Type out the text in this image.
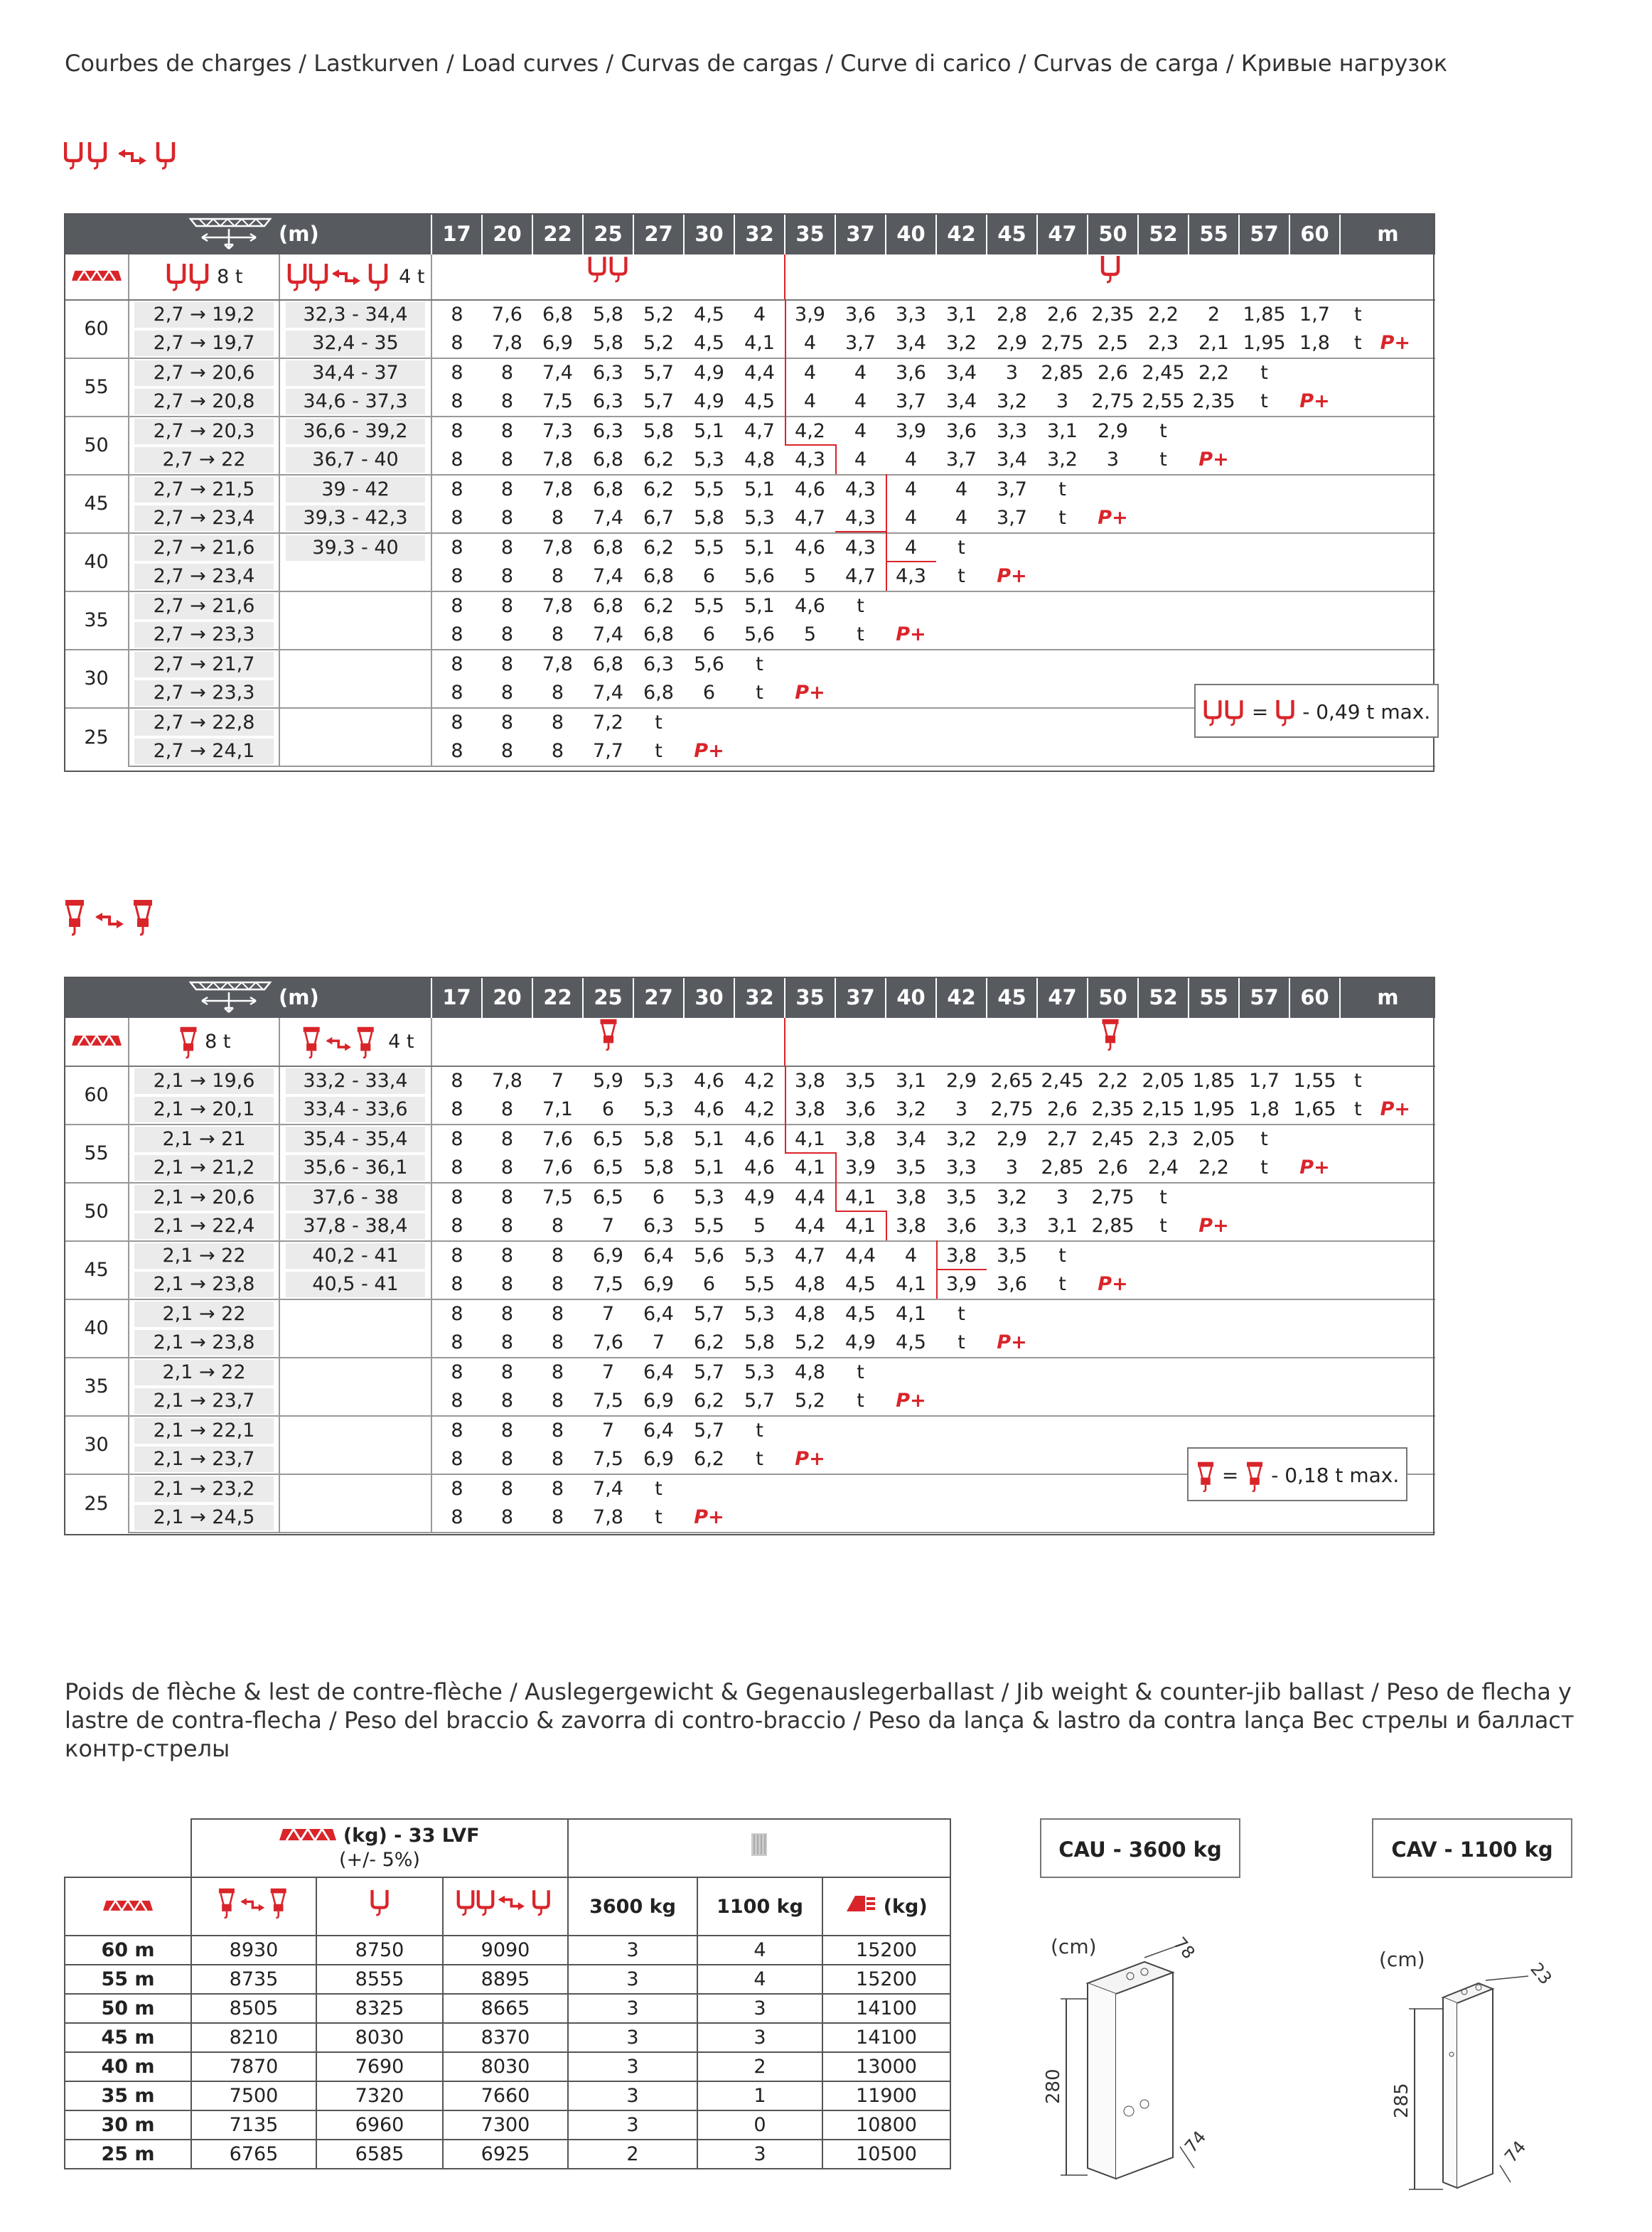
Courbes de charges / Lastkurven / Load curves / Curvas de cargas / Curve di carico / Curvas de carga / Кривые нагрузок
(m)			17	20	22	25	27	30	32	35	37	40	42	45	47	50	52	55	57	60	m
	8 t	4 t		
60	2,7 → 19,2	32,3 - 34,4	8	7,6	6,8	5,8	5,2	4,5	4	3,9	3,6	3,3	3,1	2,8	2,6	2,35	2,2	2	1,85	1,7	t
	2,7 → 19,7	32,4 - 35	8	7,8	6,9	5,8	5,2	4,5	4,1	4	3,7	3,4	3,2	2,9	2,75	2,5	2,3	2,1	1,95	1,8	t P+
55	2,7 → 20,6	34,4 - 37	8	8	7,4	6,3	5,7	4,9	4,4	4	4	3,6	3,4	3	2,85	2,6	2,45	2,2	t		
	2,7 → 20,8	34,6 - 37,3	8	8	7,5	6,3	5,7	4,9	4,5	4	4	3,7	3,4	3,2	3	2,75	2,55	2,35	t	P+	
50	2,7 → 20,3	36,6 - 39,2	8	8	7,3	6,3	5,8	5,1	4,7	4,2	4	3,9	3,6	3,3	3,1	2,9	t				
	2,7 → 22	36,7 - 40	8	8	7,8	6,8	6,2	5,3	4,8	4,3	4	4	3,7	3,4	3,2	3	t	P+			
45	2,7 → 21,5	39 - 42	8	8	7,8	6,8	6,2	5,5	5,1	4,6	4,3	4	4	3,7	t						
	2,7 → 23,4	39,3 - 42,3	8	8	8	7,4	6,7	5,8	5,3	4,7	4,3	4	4	3,7	t	P+					
40	2,7 → 21,6	39,3 - 40	8	8	7,8	6,8	6,2	5,5	5,1	4,6	4,3	4	t								
	2,7 → 23,4		8	8	8	7,4	6,8	6	5,6	5	4,7	4,3	t	P+							
35	2,7 → 21,6		8	8	7,8	6,8	6,2	5,5	5,1	4,6	t										
	2,7 → 23,3		8	8	8	7,4	6,8	6	5,6	5	t	P+									
30	2,7 → 21,7		8	8	7,8	6,8	6,3	5,6	t												
	2,7 → 23,3		8	8	8	7,4	6,8	6	t	P+											
25	2,7 → 22,8		8	8	8	7,2	t														
	2,7 → 24,1		8	8	8	7,7	t	P+													
= - 0,49 t max.
(m)			17	20	22	25	27	30	32	35	37	40	42	45	47	50	52	55	57	60	m
	8 t	4 t		
60	2,1 → 19,6	33,2 - 33,4	8	7,8	7	5,9	5,3	4,6	4,2	3,8	3,5	3,1	2,9	2,65	2,45	2,2	2,05	1,85	1,7	1,55	t
	2,1 → 20,1	33,4 - 33,6	8	8	7,1	6	5,3	4,6	4,2	3,8	3,6	3,2	3	2,75	2,6	2,35	2,15	1,95	1,8	1,65	t P+
55	2,1 → 21	35,4 - 35,4	8	8	7,6	6,5	5,8	5,1	4,6	4,1	3,8	3,4	3,2	2,9	2,7	2,45	2,3	2,05	t		
	2,1 → 21,2	35,6 - 36,1	8	8	7,6	6,5	5,8	5,1	4,6	4,1	3,9	3,5	3,3	3	2,85	2,6	2,4	2,2	t	P+	
50	2,1 → 20,6	37,6 - 38	8	8	7,5	6,5	6	5,3	4,9	4,4	4,1	3,8	3,5	3,2	3	2,75	t				
	2,1 → 22,4	37,8 - 38,4	8	8	8	7	6,3	5,5	5	4,4	4,1	3,8	3,6	3,3	3,1	2,85	t	P+			
45	2,1 → 22	40,2 - 41	8	8	8	6,9	6,4	5,6	5,3	4,7	4,4	4	3,8	3,5	t						
	2,1 → 23,8	40,5 - 41	8	8	8	7,5	6,9	6	5,5	4,8	4,5	4,1	3,9	3,6	t	P+					
40	2,1 → 22		8	8	8	7	6,4	5,7	5,3	4,8	4,5	4,1	t								
	2,1 → 23,8		8	8	8	7,6	7	6,2	5,8	5,2	4,9	4,5	t	P+							
35	2,1 → 22		8	8	8	7	6,4	5,7	5,3	4,8	t										
	2,1 → 23,7		8	8	8	7,5	6,9	6,2	5,7	5,2	t	P+									
30	2,1 → 22,1		8	8	8	7	6,4	5,7	t												
	2,1 → 23,7		8	8	8	7,5	6,9	6,2	t	P+											
25	2,1 → 23,2		8	8	8	7,4	t														
	2,1 → 24,5		8	8	8	7,8	t	P+													
= - 0,18 t max.
Poids de flèche & lest de contre-flèche / Auslegergewicht & Gegenauslegerballast / Jib weight & counter-jib ballast / Peso de flecha y lastre de contra-flecha / Peso del braccio & zavorra di contro-braccio / Peso da lança & lastro da contra lança Вес стрелы и балласт контр-стрелы
	(kg) - 33 LVF
(+/- 5%)	
				3600 kg	1100 kg	(kg)
60 m	8930	8750	9090	3	4	15200
55 m	8735	8555	8895	3	4	15200
50 m	8505	8325	8665	3	3	14100
45 m	8210	8030	8370	3	3	14100
40 m	7870	7690	8030	3	2	13000
35 m	7500	7320	7660	3	1	11900
30 m	7135	6960	7300	3	0	10800
25 m	6765	6585	6925	2	3	10500
CAU - 3600 kg
(cm)
280
78
74
CAV - 1100 kg
(cm)
285
23
74
